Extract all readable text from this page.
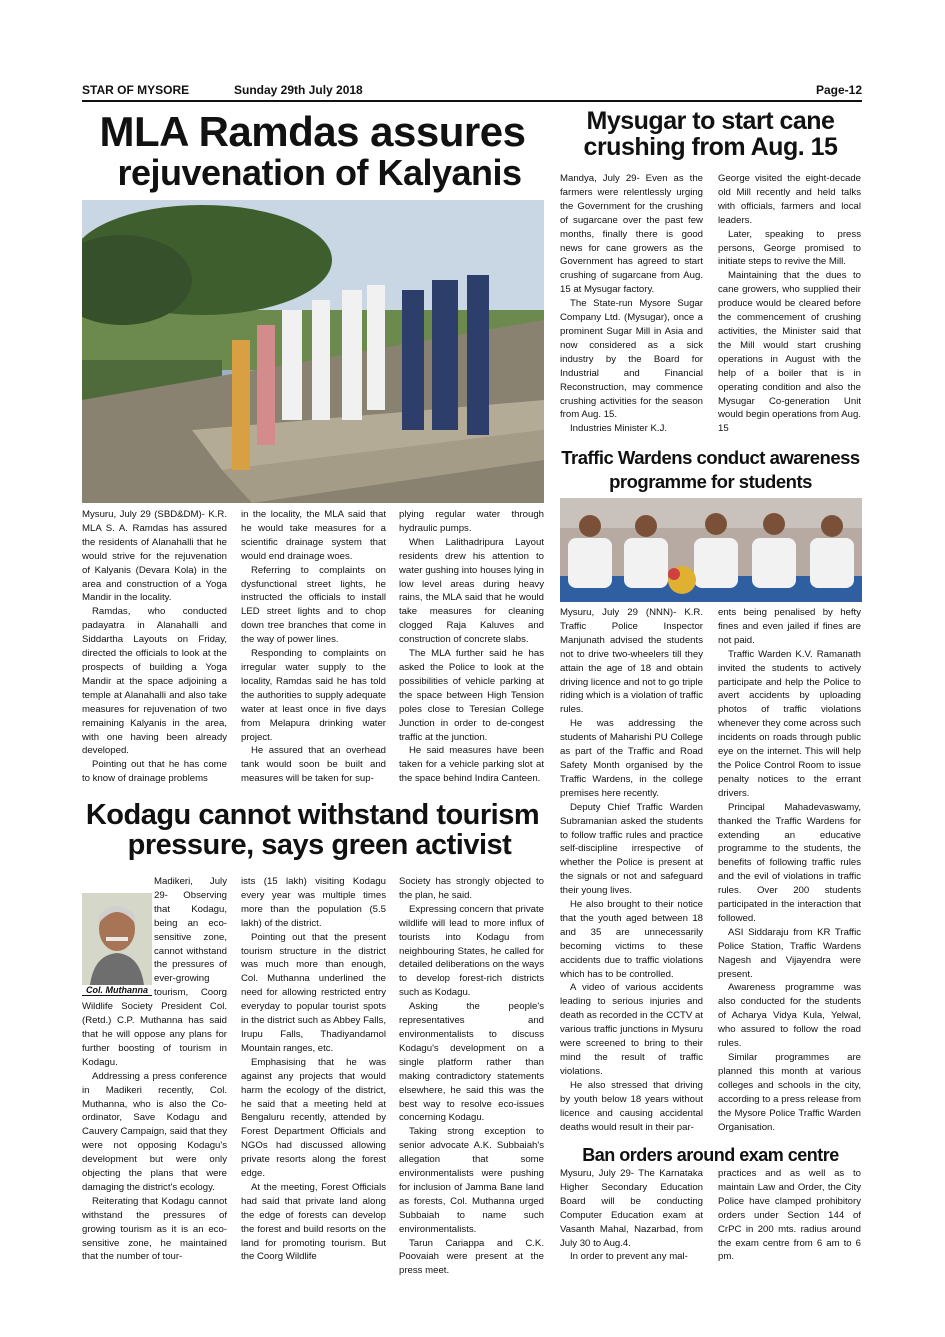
STAR OF MYSORE	Sunday 29th July 2018	Page-12
MLA Ramdas assures
rejuvenation of Kalyanis

Mysuru, July 29 (SBD&DM)- K.R. MLA S. A. Ramdas has assured the residents of Alanahalli that he would strive for the rejuvenation of Kalyanis (Devara Kola) in the area and construction of a Yoga Mandir in the locality.

Ramdas, who conducted padayatra in Alanahalli and Siddartha Layouts on Friday, directed the officials to look at the prospects of building a Yoga Mandir at the space adjoining a temple at Alanahalli and also take measures for rejuvenation of two remaining Kalyanis in the area, with one having been already developed.

Pointing out that he has come to know of drainage problems

in the locality, the MLA said that he would take measures for a scientific drainage system that would end drainage woes.

Referring to complaints on dysfunctional street lights, he instructed the officials to install LED street lights and to chop down tree branches that come in the way of power lines.

Responding to complaints on irregular water supply to the locality, Ramdas said he has told the authorities to supply adequate water at least once in five days from Melapura drinking water project.

He assured that an overhead tank would soon be built and measures will be taken for sup-

plying regular water through hydraulic pumps.

When Lalithadripura Layout residents drew his attention to water gushing into houses lying in low level areas during heavy rains, the MLA said that he would take measures for cleaning clogged Raja Kaluves and construction of concrete slabs.

The MLA further said he has asked the Police to look at the possibilities of vehicle parking at the space between High Tension poles close to Teresian College Junction in order to de-congest traffic at the junction.

He said measures have been taken for a vehicle parking slot at the space behind Indira Canteen.

Kodagu cannot withstand tourism
pressure, says green activist
Col. Muthanna

Madikeri, July 29- Observing that Kodagu, being an eco-sensitive zone, cannot withstand the pressures of ever-growing tourism, Coorg Wildlife Society President Col. (Retd.) C.P. Muthanna has said that he will oppose any plans for further boosting of tourism in Kodagu.

Addressing a press conference in Madikeri recently, Col. Muthanna, who is also the Co-ordinator, Save Kodagu and Cauvery Campaign, said that they were not opposing Kodagu's development but were only objecting the plans that were damaging the district's ecology.

Reiterating that Kodagu cannot withstand the pressures of growing tourism as it is an eco-sensitive zone, he maintained that the number of tour-

ists (15 lakh) visiting Kodagu every year was multiple times more than the population (5.5 lakh) of the district.

Pointing out that the present tourism structure in the district was much more than enough, Col. Muthanna underlined the need for allowing restricted entry everyday to popular tourist spots in the district such as Abbey Falls, Irupu Falls, Thadiyandamol Mountain ranges, etc.

Emphasising that he was against any projects that would harm the ecology of the district, he said that a meeting held at Bengaluru recently, attended by Forest Department Officials and NGOs had discussed allowing private resorts along the forest edge.

At the meeting, Forest Officials had said that private land along the edge of forests can develop the forest and build resorts on the land for promoting tourism. But the Coorg Wildlife

Society has strongly objected to the plan, he said.

Expressing concern that private wildlife will lead to more influx of tourists into Kodagu from neighbouring States, he called for detailed deliberations on the ways to develop forest-rich districts such as Kodagu.

Asking the people's representatives and environmentalists to discuss Kodagu's development on a single platform rather than making contradictory statements elsewhere, he said this was the best way to resolve eco-issues concerning Kodagu.

Taking strong exception to senior advocate A.K. Subbaiah's allegation that some environmentalists were pushing for inclusion of Jamma Bane land as forests, Col. Muthanna urged Subbaiah to name such environmentalists.

Tarun Cariappa and C.K. Poovaiah were present at the press meet.

Mysugar to start cane
crushing from Aug. 15

Mandya, July 29- Even as the farmers were relentlessly urging the Government for the crushing of sugarcane over the past few months, finally there is good news for cane growers as the Government has agreed to start crushing of sugarcane from Aug. 15 at Mysugar factory.

The State-run Mysore Sugar Company Ltd. (Mysugar), once a prominent Sugar Mill in Asia and now considered as a sick industry by the Board for Industrial and Financial Reconstruction, may commence crushing activities for the season from Aug. 15.

Industries Minister K.J.

George visited the eight-decade old Mill recently and held talks with officials, farmers and local leaders.

Later, speaking to press persons, George promised to initiate steps to revive the Mill.

Maintaining that the dues to cane growers, who supplied their produce would be cleared before the commencement of crushing activities, the Minister said that the Mill would start crushing operations in August with the help of a boiler that is in operating condition and also the Mysugar Co-generation Unit would begin operations from Aug. 15

Traffic Wardens conduct awareness
programme for students

Mysuru, July 29 (NNN)- K.R. Traffic Police Inspector Manjunath advised the students not to drive two-wheelers till they attain the age of 18 and obtain driving licence and not to go triple riding which is a violation of traffic rules.

He was addressing the students of Maharishi PU College as part of the Traffic and Road Safety Month organised by the Traffic Wardens, in the college premises here recently.

Deputy Chief Traffic Warden Subramanian asked the students to follow traffic rules and practice self-discipline irrespective of whether the Police is present at the signals or not and safeguard their young lives.

He also brought to their notice that the youth aged between 18 and 35 are unnecessarily becoming victims to these accidents due to traffic violations which has to be controlled.

A video of various accidents leading to serious injuries and death as recorded in the CCTV at various traffic junctions in Mysuru were screened to bring to their mind the result of traffic violations.

He also stressed that driving by youth below 18 years without licence and causing accidental deaths would result in their par-

ents being penalised by hefty fines and even jailed if fines are not paid.

Traffic Warden K.V. Ramanath invited the students to actively participate and help the Police to avert accidents by uploading photos of traffic violations whenever they come across such incidents on roads through public eye on the internet. This will help the Police Control Room to issue penalty notices to the errant drivers.

Principal Mahadevaswamy, thanked the Traffic Wardens for extending an educative programme to the students, the benefits of following traffic rules and the evil of violations in traffic rules. Over 200 students participated in the interaction that followed.

ASI Siddaraju from KR Traffic Police Station, Traffic Wardens Nagesh and Vijayendra were present.

Awareness programme was also conducted for the students of Acharya Vidya Kula, Yelwal, who assured to follow the road rules.

Similar programmes are planned this month at various colleges and schools in the city, according to a press release from the Mysore Police Traffic Warden Organisation.

Ban orders around exam centre

Mysuru, July 29- The Karnataka Higher Secondary Education Board will be conducting Computer Education exam at Vasanth Mahal, Nazarbad, from July 30 to Aug.4.

In order to prevent any mal-

practices and as well as to maintain Law and Order, the City Police have clamped prohibitory orders under Section 144 of CrPC in 200 mts. radius around the exam centre from 6 am to 6 pm.
